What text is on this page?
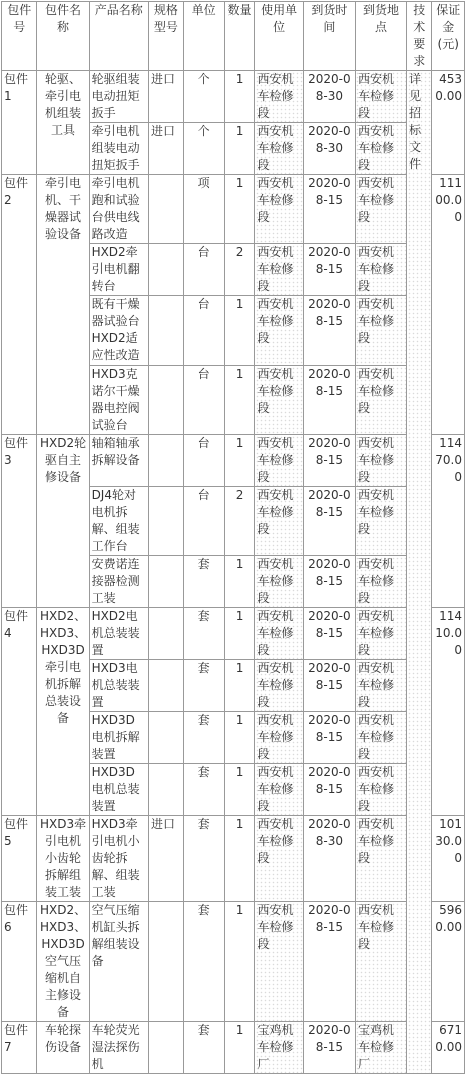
包件号	包件名称	产品名称	规格型号	单位	数量	使用单位	到货时间	到货地点	技术要求	保证金(元)
包件1	轮驱、牵引电机组装工具	轮驱组装电动扭矩扳手	进口	个	1	西安机车检修段	2020-08-30	西安机车检修段	详见招标文件	4530.00
		牵引电机组装电动扭矩扳手	进口	个	1	西安机车检修段	2020-08-30	西安机车检修段		
包件2	牵引电机、干燥器试验设备	牵引电机跑和试验台供电线路改造		项	1	西安机车检修段	2020-08-15	西安机车检修段		11100.00
		HXD2牵引电机翻转台		台	2	西安机车检修段	2020-08-15	西安机车检修段		
		既有干燥器试验台HXD2适应性改造		台	1	西安机车检修段	2020-08-15	西安机车检修段		
		HXD3克诺尔干燥器电控阀试验台		台	1	西安机车检修段	2020-08-15	西安机车检修段		
包件3	HXD2轮驱自主修设备	轴箱轴承拆解设备		台	1	西安机车检修段	2020-08-15	西安机车检修段		11470.00
		DJ4轮对电机拆解、组装工作台		台	2	西安机车检修段	2020-08-15	西安机车检修段		
		安费诺连接器检测工装		套	1	西安机车检修段	2020-08-15	西安机车检修段		
包件4	HXD2、HXD3、HXD3D牵引电机拆解总装设备	HXD2电机总装装置		套	1	西安机车检修段	2020-08-15	西安机车检修段		11410.00
		HXD3电机总装装置		套	1	西安机车检修段	2020-08-15	西安机车检修段		
		HXD3D电机拆解装置		套	1	西安机车检修段	2020-08-15	西安机车检修段		
		HXD3D电机总装装置		套	1	西安机车检修段	2020-08-15	西安机车检修段		
包件5	HXD3牵引电机小齿轮拆解组装工装	HXD3牵引电机小齿轮拆解、组装工装	进口	套	1	西安机车检修段	2020-08-30	西安机车检修段		10130.00
包件6	HXD2、HXD3、HXD3D空气压缩机自主修设备	空气压缩机缸头拆解组装设备		套	1	西安机车检修段	2020-08-15	西安机车检修段		5960.00
包件7	车轮探伤设备	车轮荧光湿法探伤机		套	1	宝鸡机车检修厂	2020-08-15	宝鸡机车检修厂		6710.00
